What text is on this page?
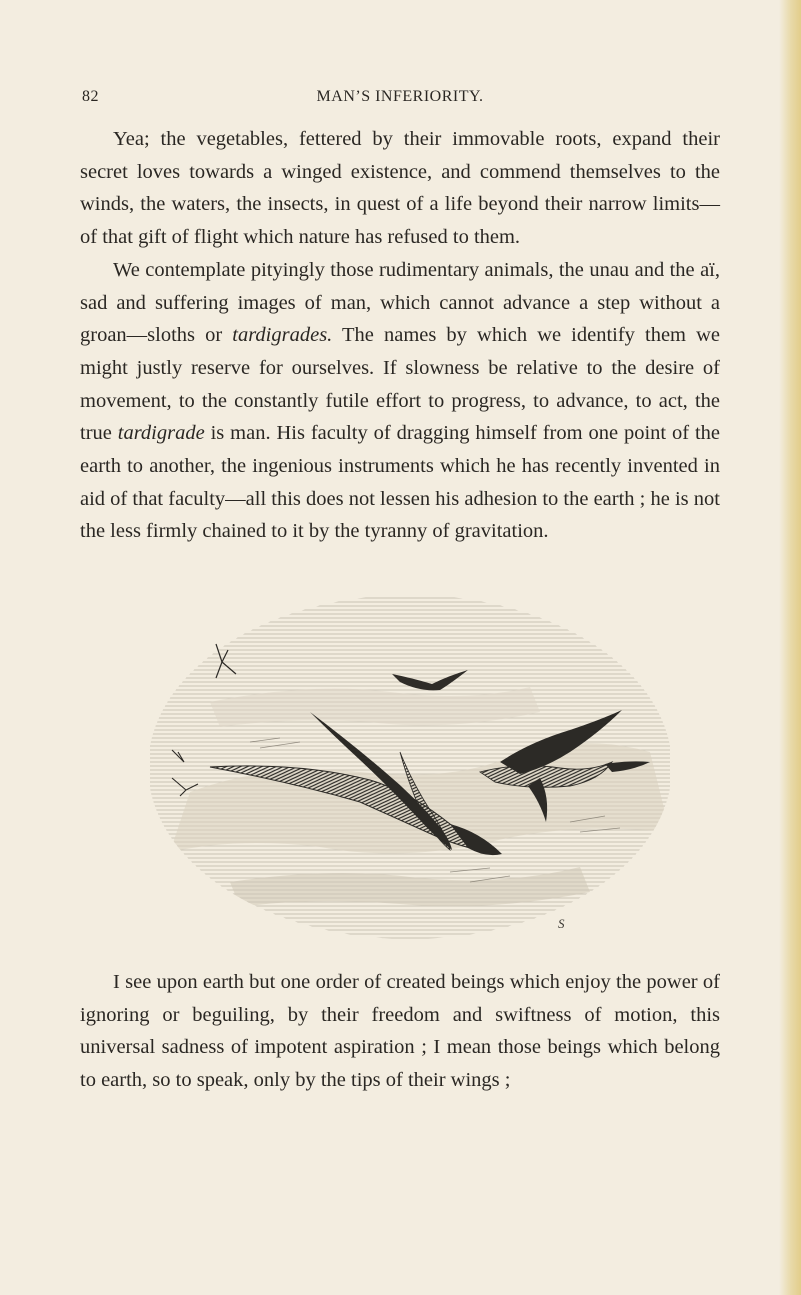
82	MAN’S INFERIORITY.

Yea; the vegetables, fettered by their immovable roots, expand their secret loves towards a winged existence, and commend themselves to the winds, the waters, the insects, in quest of a life beyond their narrow limits—of that gift of flight which nature has refused to them.

We contemplate pityingly those rudimentary animals, the unau and the aï, sad and suffering images of man, which cannot advance a step without a groan—sloths or tardigrades. The names by which we identify them we might justly reserve for ourselves. If slowness be relative to the desire of movement, to the constantly futile effort to progress, to advance, to act, the true tardigrade is man. His faculty of dragging himself from one point of the earth to another, the ingenious instruments which he has recently invented in aid of that faculty—all this does not lessen his adhesion to the earth ; he is not the less firmly chained to it by the tyranny of gravitation.

S

I see upon earth but one order of created beings which enjoy the power of ignoring or beguiling, by their freedom and swiftness of motion, this universal sadness of impotent aspiration ; I mean those beings which belong to earth, so to speak, only by the tips of their wings ;
